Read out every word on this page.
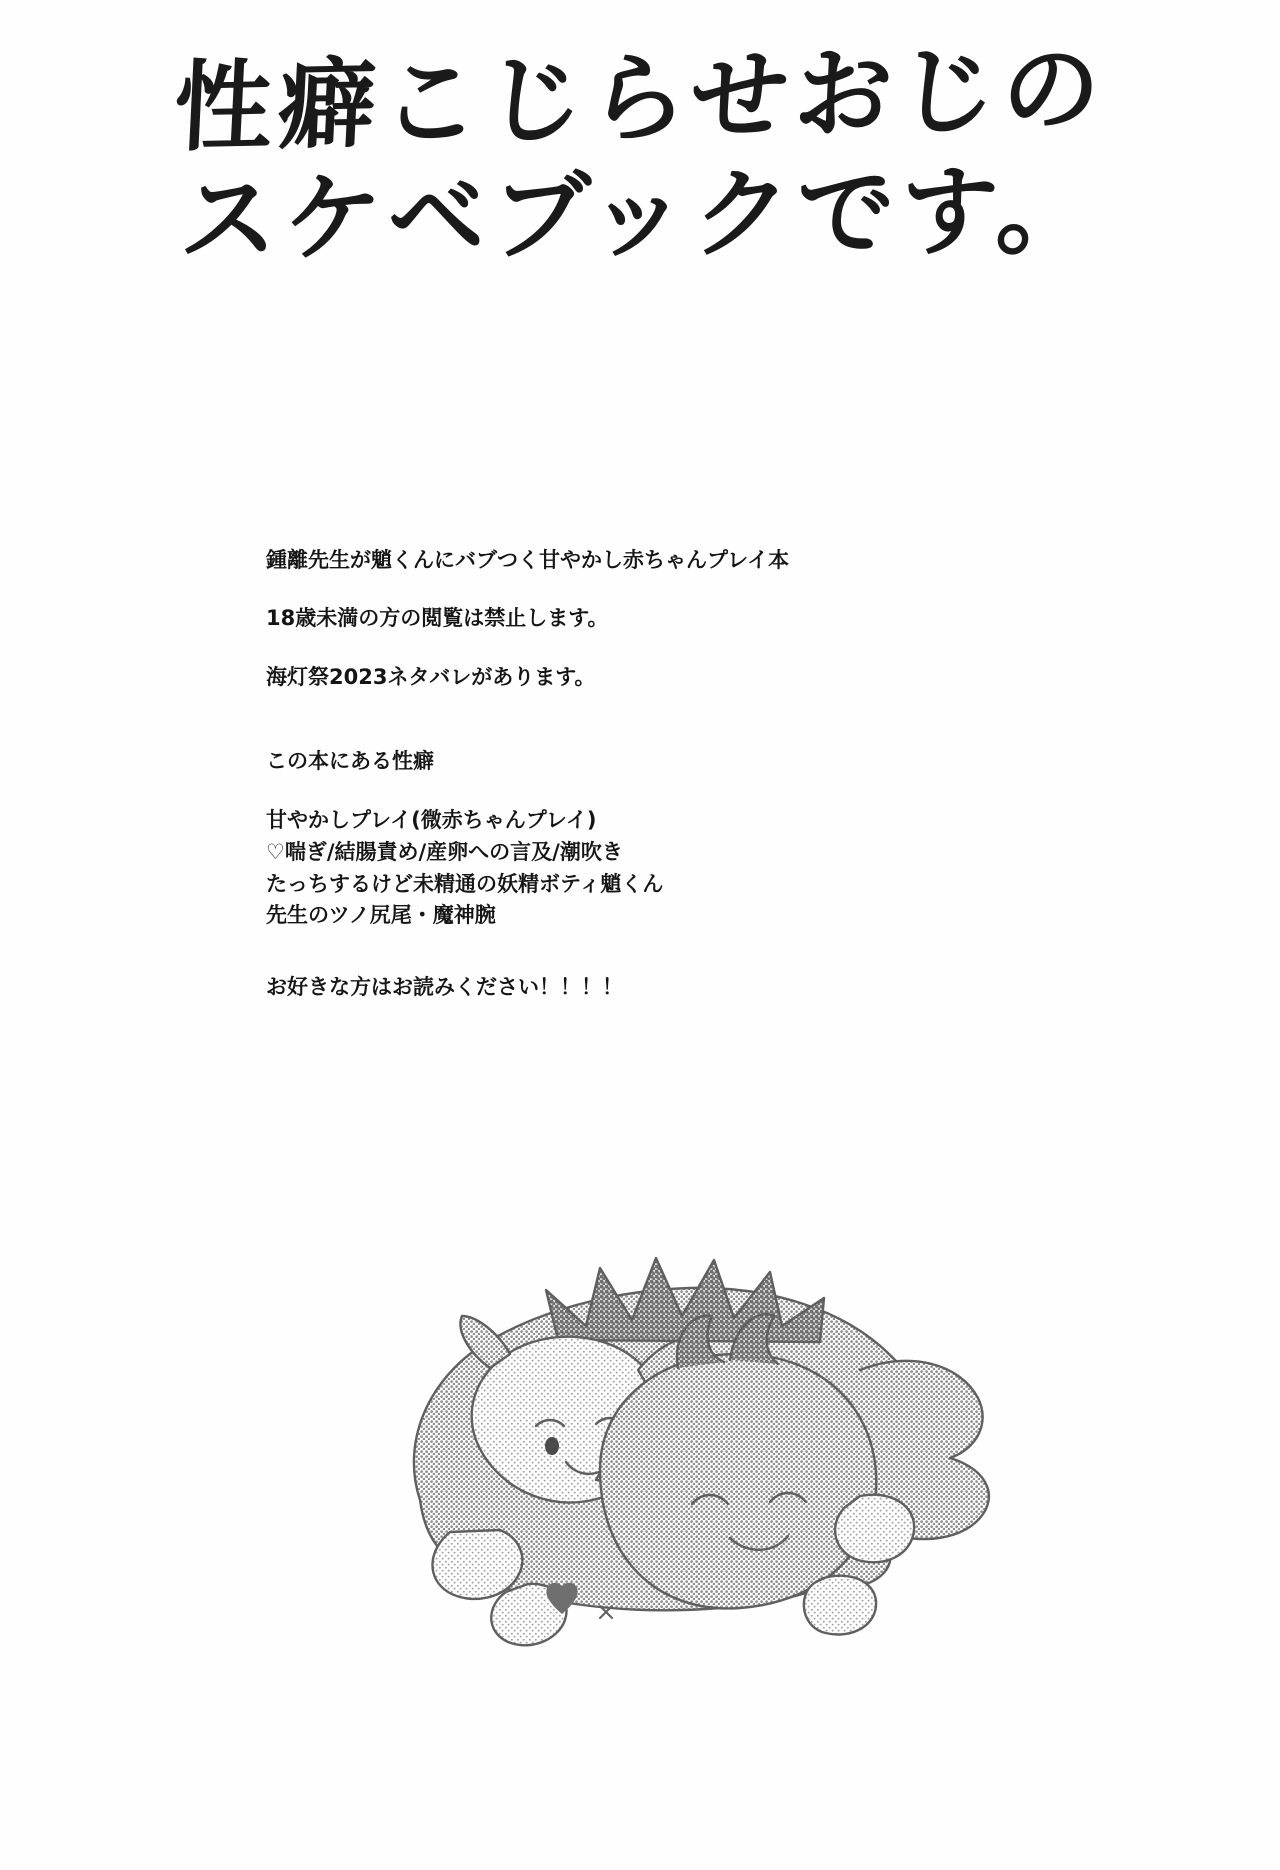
性癖こじらせおじの
スケベブックです。
鍾離先生が魈くんにバブつく甘やかし赤ちゃんプレイ本
18歳未満の方の閲覧は禁止します。
海灯祭2023ネタバレがあります。
この本にある性癖
甘やかしプレイ(微赤ちゃんプレイ)
♡喘ぎ/結腸責め/産卵への言及/潮吹き
たっちするけど未精通の妖精ボティ魈くん
先生のツノ尻尾・魔神腕
お好きな方はお読みください！！！！
